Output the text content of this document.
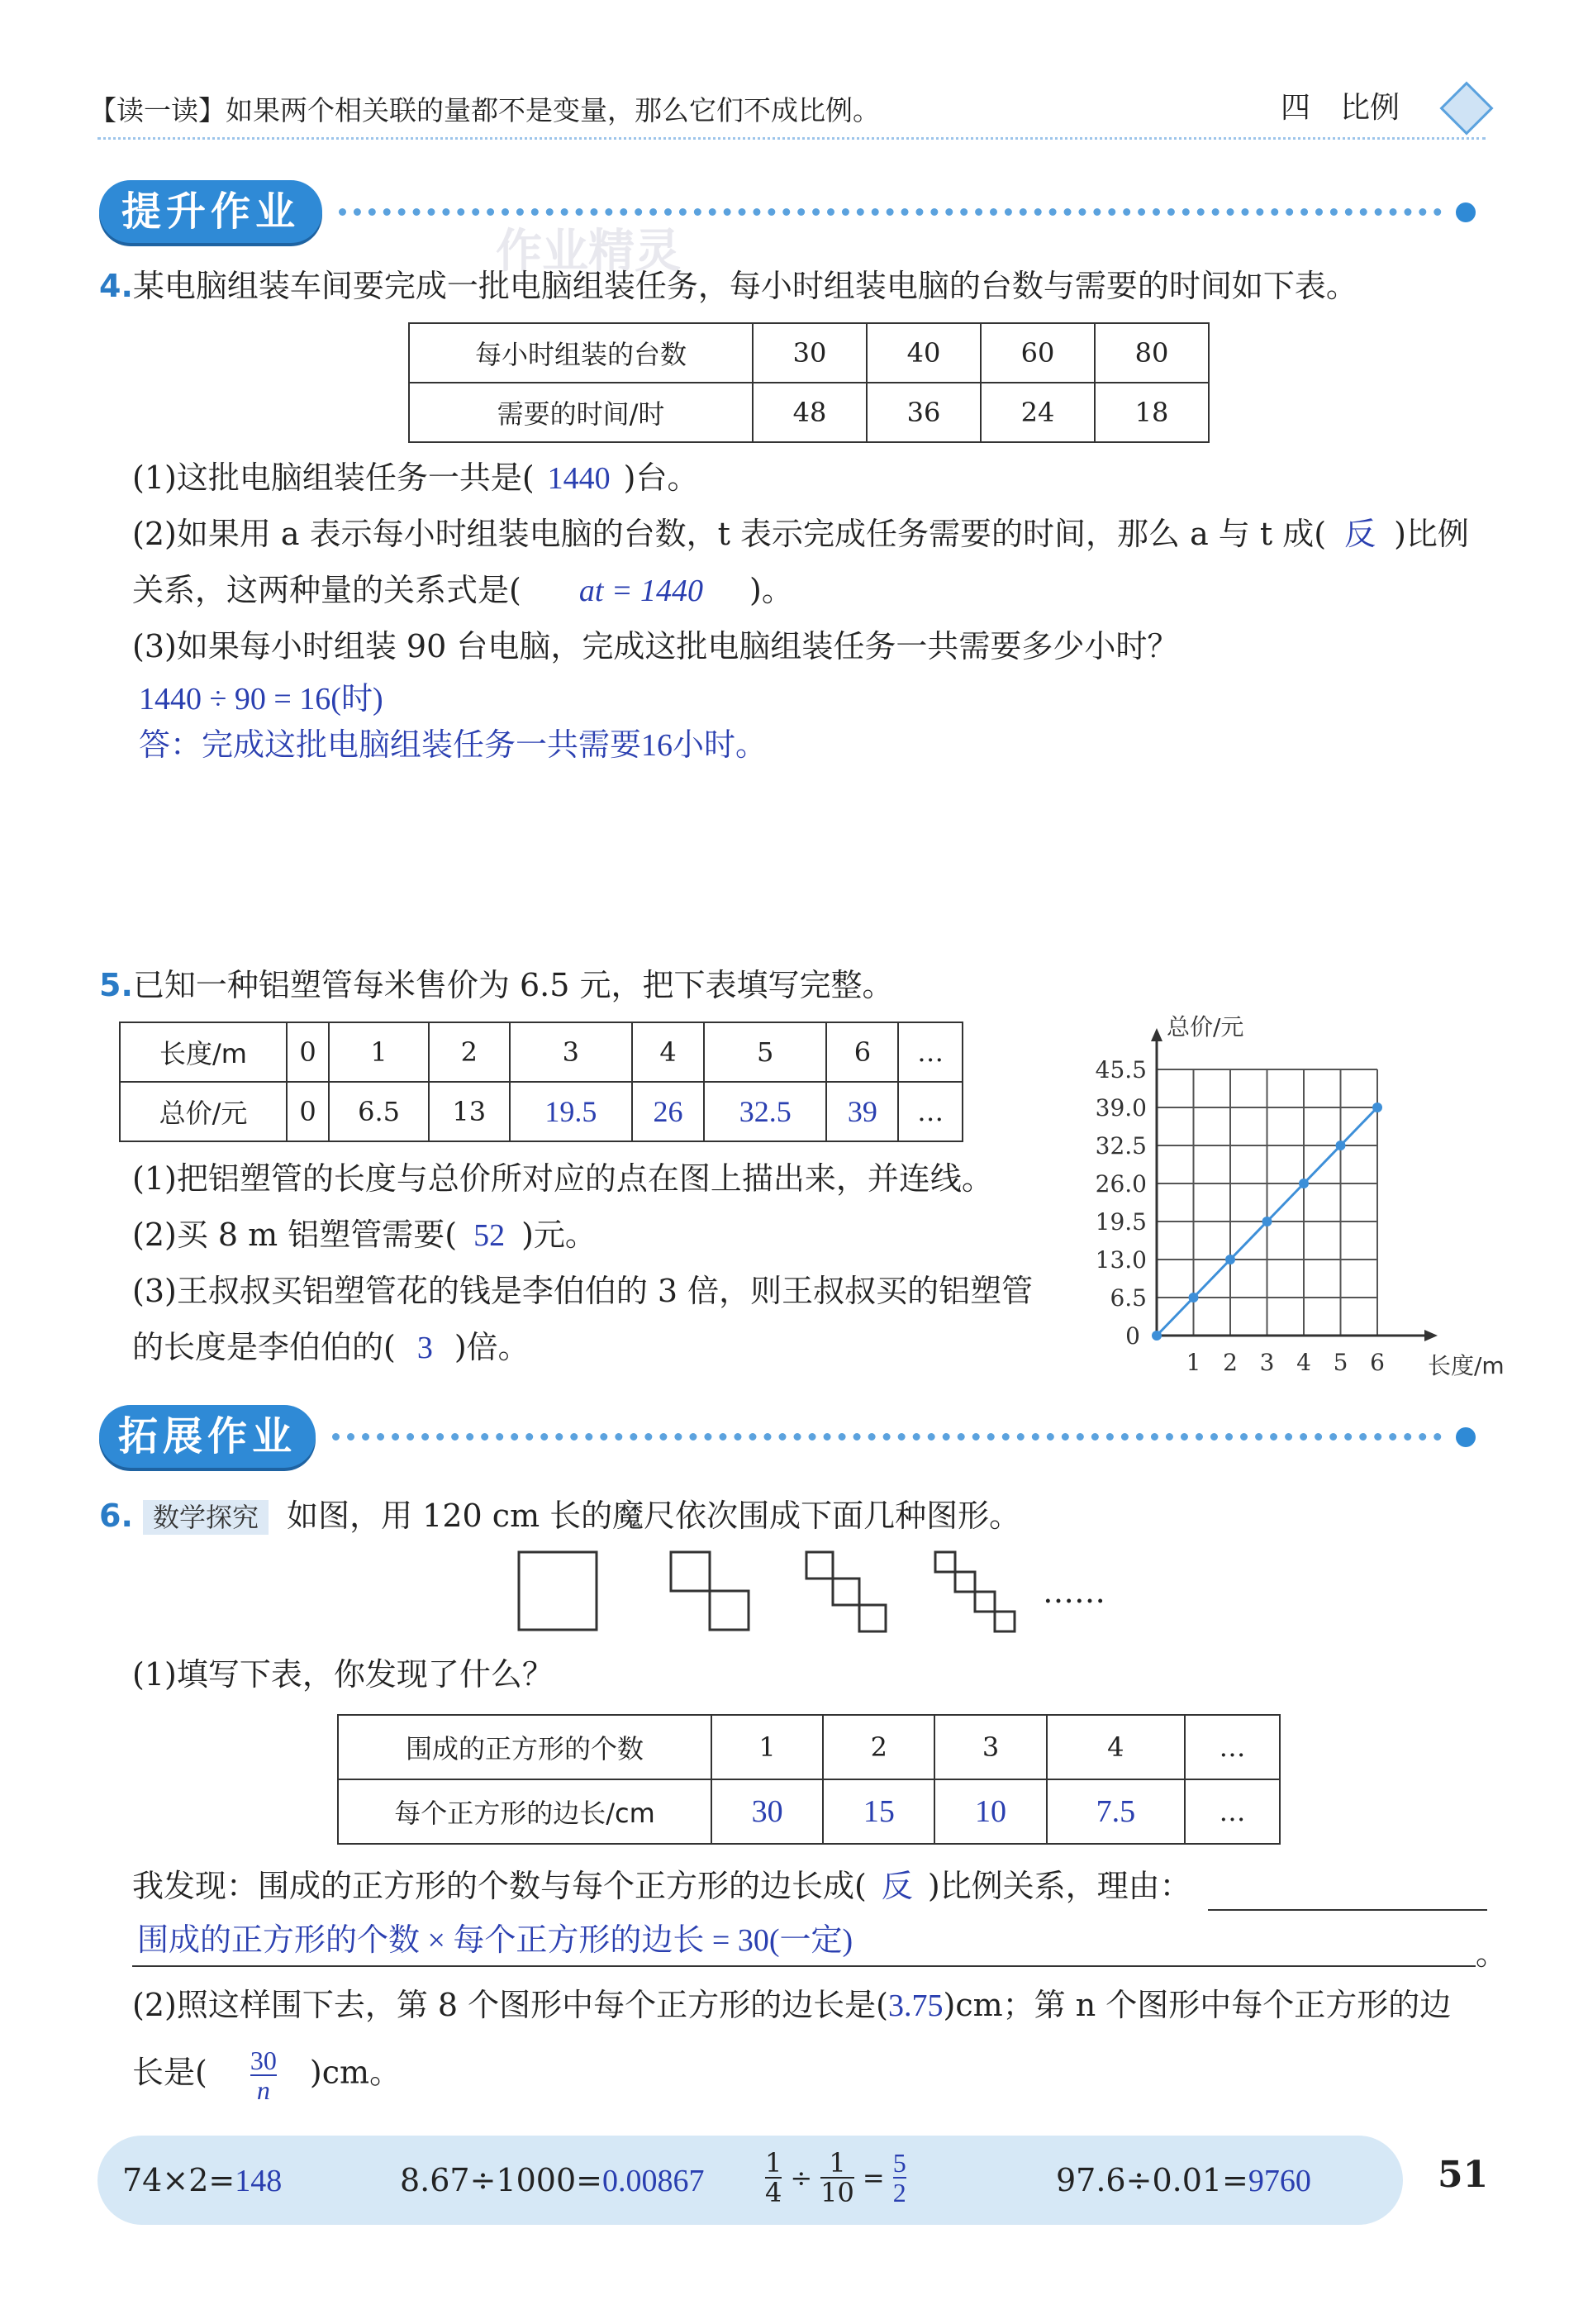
【读一读】如果两个相关联的量都不是变量，那么它们不成比例。	四　比例
提升作业
作业精灵
4.某电脑组装车间要完成一批电脑组装任务，每小时组装电脑的台数与需要的时间如下表。
每小时组装的台数	30	40	60	80
需要的时间/时	48	36	24	18
(1)这批电脑组装任务一共是( 1440 )台。
(2)如果用 a 表示每小时组装电脑的台数，t 表示完成任务需要的时间，那么 a 与 t 成( 反 )比例
关系，这两种量的关系式是( at = 1440 )。
(3)如果每小时组装 90 台电脑，完成这批电脑组装任务一共需要多少小时？
1440 ÷ 90 = 16(时)
答：完成这批电脑组装任务一共需要16小时。
5.已知一种铝塑管每米售价为 6.5 元，把下表填写完整。
长度/m	0	1	2	3	4	5	6	…
总价/元	0	6.5	13	19.5	26	32.5	39	…
(1)把铝塑管的长度与总价所对应的点在图上描出来，并连线。
(2)买 8 m 铝塑管需要( 52 )元。
(3)王叔叔买铝塑管花的钱是李伯伯的 3 倍，则王叔叔买的铝塑管
的长度是李伯伯的( 3 )倍。	0
1 2 3 4 5 6
6.5
13.0
19.5
26.0
32.5
39.0
45.5
长度/m
总价/元
拓展作业
6. 数学探究 如图，用 120 cm 长的魔尺依次围成下面几种图形。
……
(1)填写下表，你发现了什么？
围成的正方形的个数	1	2	3	4	…
每个正方形的边长/cm	30	15	10	7.5	…
我发现：围成的正方形的个数与每个正方形的边长成( 反 )比例关系，理由：
围成的正方形的个数 × 每个正方形的边长 = 30(一定)	。
(2)照这样围下去，第 8 个图形中每个正方形的边长是(3.75)cm；第 n 个图形中每个正方形的边
长是( $\frac{30}{n} )cm$。
74×2=148	$8.67\div 1000=0.00867 \frac{1}{4} \div \frac{1}{10} = \frac{5}{2}$	97.6÷0.01=9760	51
